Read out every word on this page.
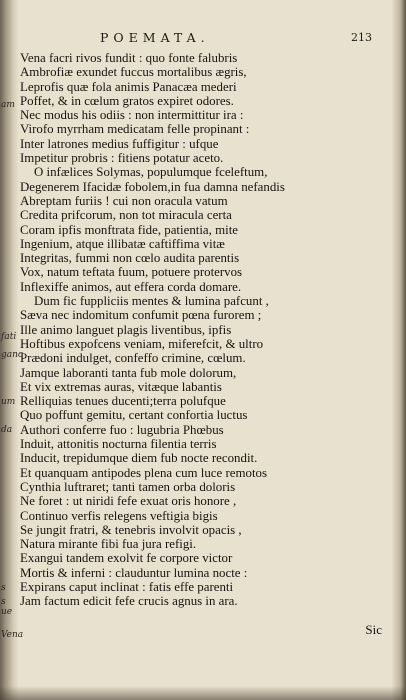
am
fati
ganc
um
da
s
s
ue
Vena
POEMATA.	213
Vena facri rivos fundit : quo fonte falubris
Ambrofiæ exundet fuccus mortalibus ægris,
Leprofis quæ fola animis Panacæa mederi
Poffet, & in cœlum gratos expiret odores.
Nec modus his odiis : non intermittitur ira :
Virofo myrrham medicatam felle propinant :
Inter latrones medius fuffigitur : ufque
Impetitur probris : fitiens potatur aceto.
O infælices Solymas, populumque fceleftum,
Degenerem Ifacidæ fobolem,in fua damna nefandis
Abreptam furiis ! cui non oracula vatum
Credita prifcorum, non tot miracula certa
Coram ipfis monftrata fide, patientia, mite
Ingenium, atque illibatæ caftiffima vitæ
Integritas, fummi non cœlo audita parentis
Vox, natum teftata fuum, potuere protervos
Inflexiffe animos, aut effera corda domare.
Dum fic fuppliciis mentes & lumina pafcunt ,
Sæva nec indomitum confumit pœna furorem ;
Ille animo languet plagis liventibus, ipfis
Hoftibus expofcens veniam, miferefcit, & ultro
Prædoni indulget, confeffo crimine, cœlum.
Jamque laboranti tanta fub mole dolorum,
Et vix extremas auras, vitæque labantis
Relliquias tenues ducenti;terra polufque
Quo poffunt gemitu, certant confortia luctus
Authori conferre fuo : lugubria Phœbus
Induit, attonitis nocturna filentia terris
Inducit, trepidumque diem fub nocte recondit.
Et quanquam antipodes plena cum luce remotos
Cynthia luftraret; tanti tamen orba doloris
Ne foret : ut niridi fefe exuat oris honore ,
Continuo verfis relegens veftigia bigis
Se jungit fratri, & tenebris involvit opacis ,
Natura mirante fibi fua jura refigi.
Exangui tandem exolvit fe corpore victor
Mortis & inferni : clauduntur lumina nocte :
Expirans caput inclinat : fatis effe parenti
Jam factum edicit fefe crucis agnus in ara.
Sic
